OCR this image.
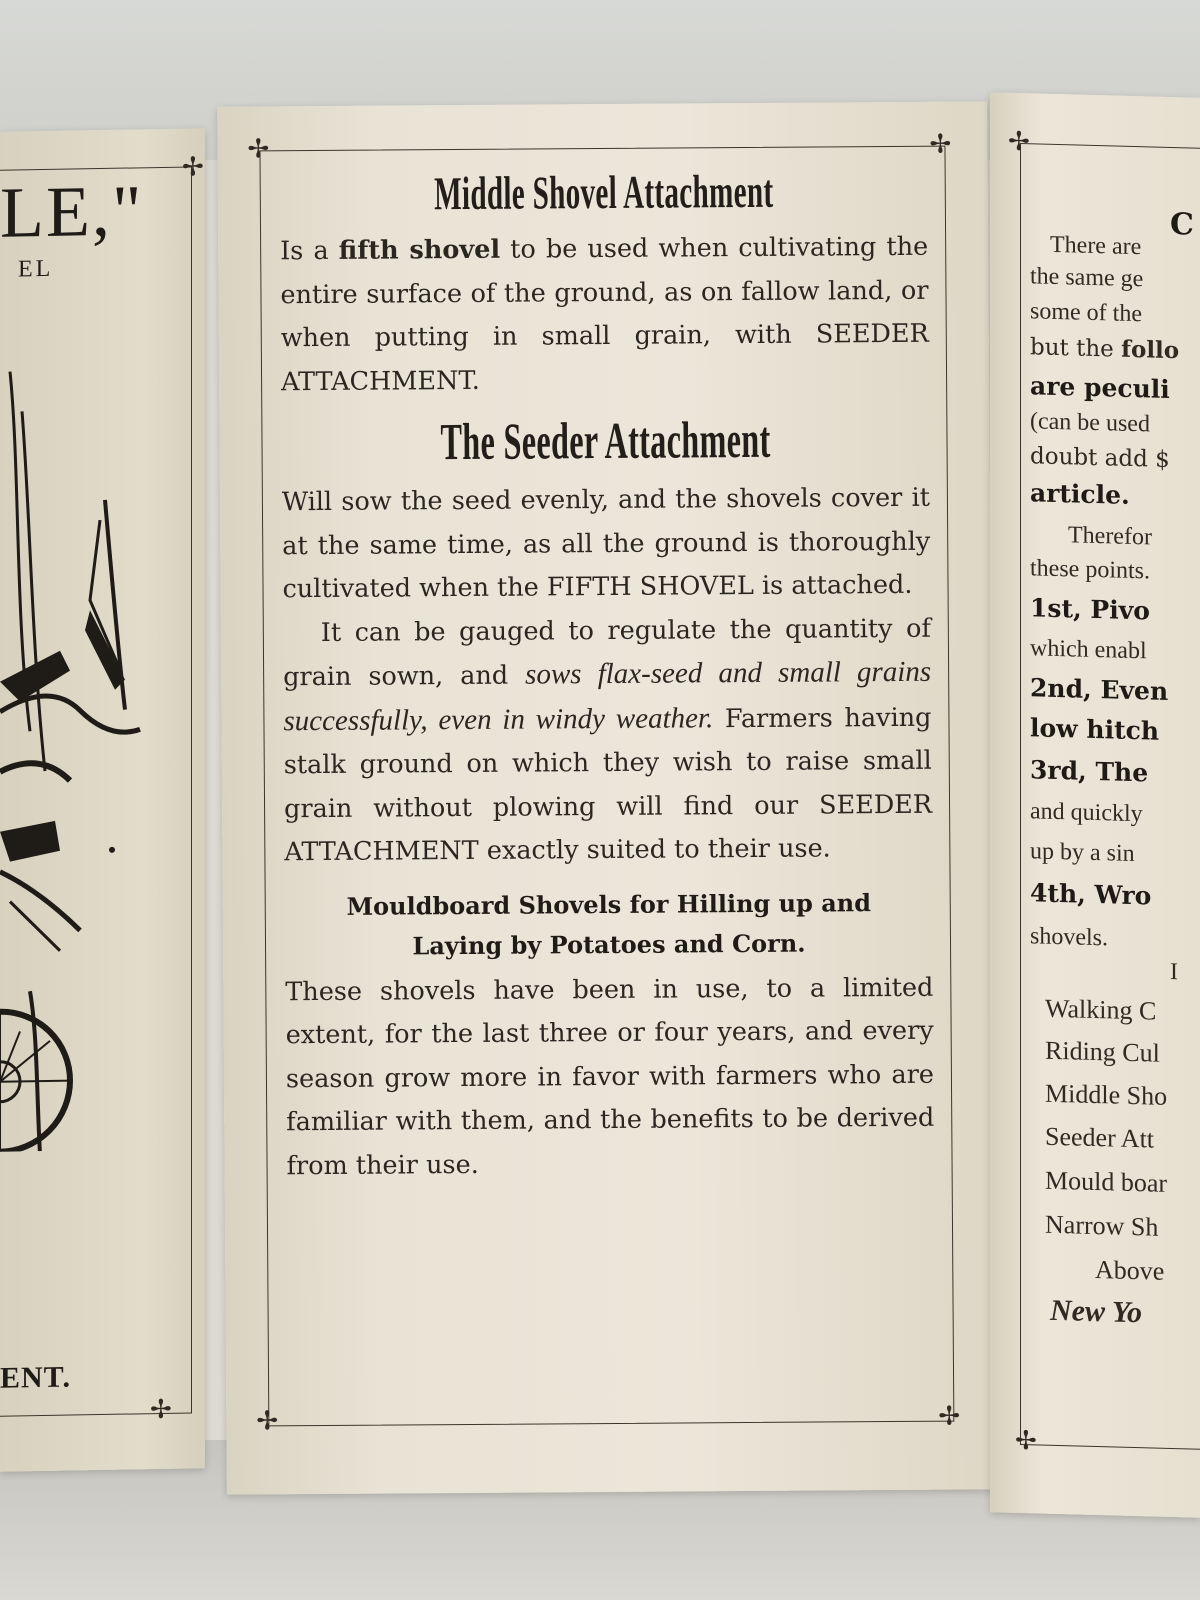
✢
✢
LE,"
EL
ENT.
✢	✢
✢	✢
Middle Shovel Attachment

Is a fifth shovel to be used when cultivating the entire surface of the ground, as on fallow land, or when putting in small grain, with SEEDER ATTACHMENT.

The Seeder Attachment

Will sow the seed evenly, and the shovels cover it at the same time, as all the ground is thoroughly cultivated when the FIFTH SHOVEL is attached.

It can be gauged to regulate the quantity of grain sown, and sows flax-seed and small grains successfully, even in windy weather. Farmers having stalk ground on which they wish to raise small grain without plowing will find our SEEDER ATTACHMENT exactly suited to their use.

Mouldboard Shovels for Hilling up and

Laying by Potatoes and Corn.

These shovels have been in use, to a limited extent, for the last three or four years, and every season grow more in favor with farmers who are familiar with them, and the benefits to be derived from their use.

✢
✢
C
There are
the same ge
some of the
but the follo
are peculi
(can be used
doubt add $
article.
Therefor
these points.
1st, Pivo
which enabl
2nd, Even
low hitch
3rd, The
and quickly
up by a sin
4th, Wro
shovels.
I
Walking C
Riding Cul
Middle Sho
Seeder Att
Mould boar
Narrow Sh
Above
New Yo
